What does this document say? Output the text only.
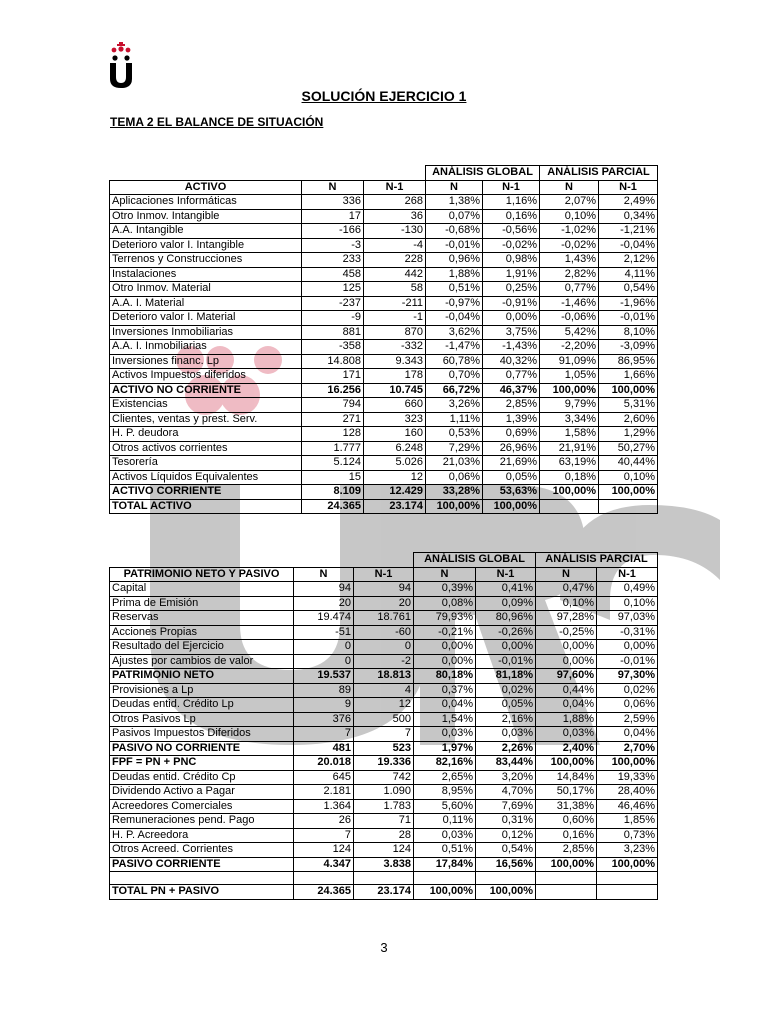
SOLUCIÓN EJERCICIO 1
TEMA 2 EL BALANCE DE SITUACIÓN
			ANÁLISIS GLOBAL		ANÁLISIS PARCIAL	
ACTIVO	N	N-1	N	N-1	N	N-1
Aplicaciones Informáticas	336	268	1,38%	1,16%	2,07%	2,49%
Otro Inmov. Intangible	17	36	0,07%	0,16%	0,10%	0,34%
A.A. Intangible	-166	-130	-0,68%	-0,56%	-1,02%	-1,21%
Deterioro valor I. Intangible	-3	-4	-0,01%	-0,02%	-0,02%	-0,04%
Terrenos y Construcciones	233	228	0,96%	0,98%	1,43%	2,12%
Instalaciones	458	442	1,88%	1,91%	2,82%	4,11%
Otro Inmov. Material	125	58	0,51%	0,25%	0,77%	0,54%
A.A. I. Material	-237	-211	-0,97%	-0,91%	-1,46%	-1,96%
Deterioro valor I. Material	-9	-1	-0,04%	0,00%	-0,06%	-0,01%
Inversiones Inmobiliarias	881	870	3,62%	3,75%	5,42%	8,10%
A.A. I. Inmobiliarias	-358	-332	-1,47%	-1,43%	-2,20%	-3,09%
Inversiones financ. Lp	14.808	9.343	60,78%	40,32%	91,09%	86,95%
Activos Impuestos diferidos	171	178	0,70%	0,77%	1,05%	1,66%
ACTIVO NO CORRIENTE	16.256	10.745	66,72%	46,37%	100,00%	100,00%
Existencias	794	660	3,26%	2,85%	9,79%	5,31%
Clientes, ventas y prest. Serv.	271	323	1,11%	1,39%	3,34%	2,60%
H. P. deudora	128	160	0,53%	0,69%	1,58%	1,29%
Otros activos corrientes	1.777	6.248	7,29%	26,96%	21,91%	50,27%
Tesorería	5.124	5.026	21,03%	21,69%	63,19%	40,44%
Activos Líquidos Equivalentes	15	12	0,06%	0,05%	0,18%	0,10%
ACTIVO CORRIENTE	8.109	12.429	33,28%	53,63%	100,00%	100,00%
TOTAL ACTIVO	24.365	23.174	100,00%	100,00%		
			ANÁLISIS GLOBAL		ANÁLISIS PARCIAL	
PATRIMONIO NETO Y PASIVO	N	N-1	N	N-1	N	N-1
Capital	94	94	0,39%	0,41%	0,47%	0,49%
Prima de Emisión	20	20	0,08%	0,09%	0,10%	0,10%
Reservas	19.474	18.761	79,93%	80,96%	97,28%	97,03%
Acciones Propias	-51	-60	-0,21%	-0,26%	-0,25%	-0,31%
Resultado del Ejercicio	0	0	0,00%	0,00%	0,00%	0,00%
Ajustes por cambios de valor	0	-2	0,00%	-0,01%	0,00%	-0,01%
PATRIMONIO NETO	19.537	18.813	80,18%	81,18%	97,60%	97,30%
Provisiones a Lp	89	4	0,37%	0,02%	0,44%	0,02%
Deudas entid. Crédito Lp	9	12	0,04%	0,05%	0,04%	0,06%
Otros Pasivos Lp	376	500	1,54%	2,16%	1,88%	2,59%
Pasivos Impuestos Diferidos	7	7	0,03%	0,03%	0,03%	0,04%
PASIVO NO CORRIENTE	481	523	1,97%	2,26%	2,40%	2,70%
FPF = PN + PNC	20.018	19.336	82,16%	83,44%	100,00%	100,00%
Deudas entid. Crédito Cp	645	742	2,65%	3,20%	14,84%	19,33%
Dividendo Activo a Pagar	2.181	1.090	8,95%	4,70%	50,17%	28,40%
Acreedores Comerciales	1.364	1.783	5,60%	7,69%	31,38%	46,46%
Remuneraciones pend. Pago	26	71	0,11%	0,31%	0,60%	1,85%
H. P. Acreedora	7	28	0,03%	0,12%	0,16%	0,73%
Otros Acreed. Corrientes	124	124	0,51%	0,54%	2,85%	3,23%
PASIVO CORRIENTE	4.347	3.838	17,84%	16,56%	100,00%	100,00%

TOTAL PN + PASIVO	24.365	23.174	100,00%	100,00%		
3
